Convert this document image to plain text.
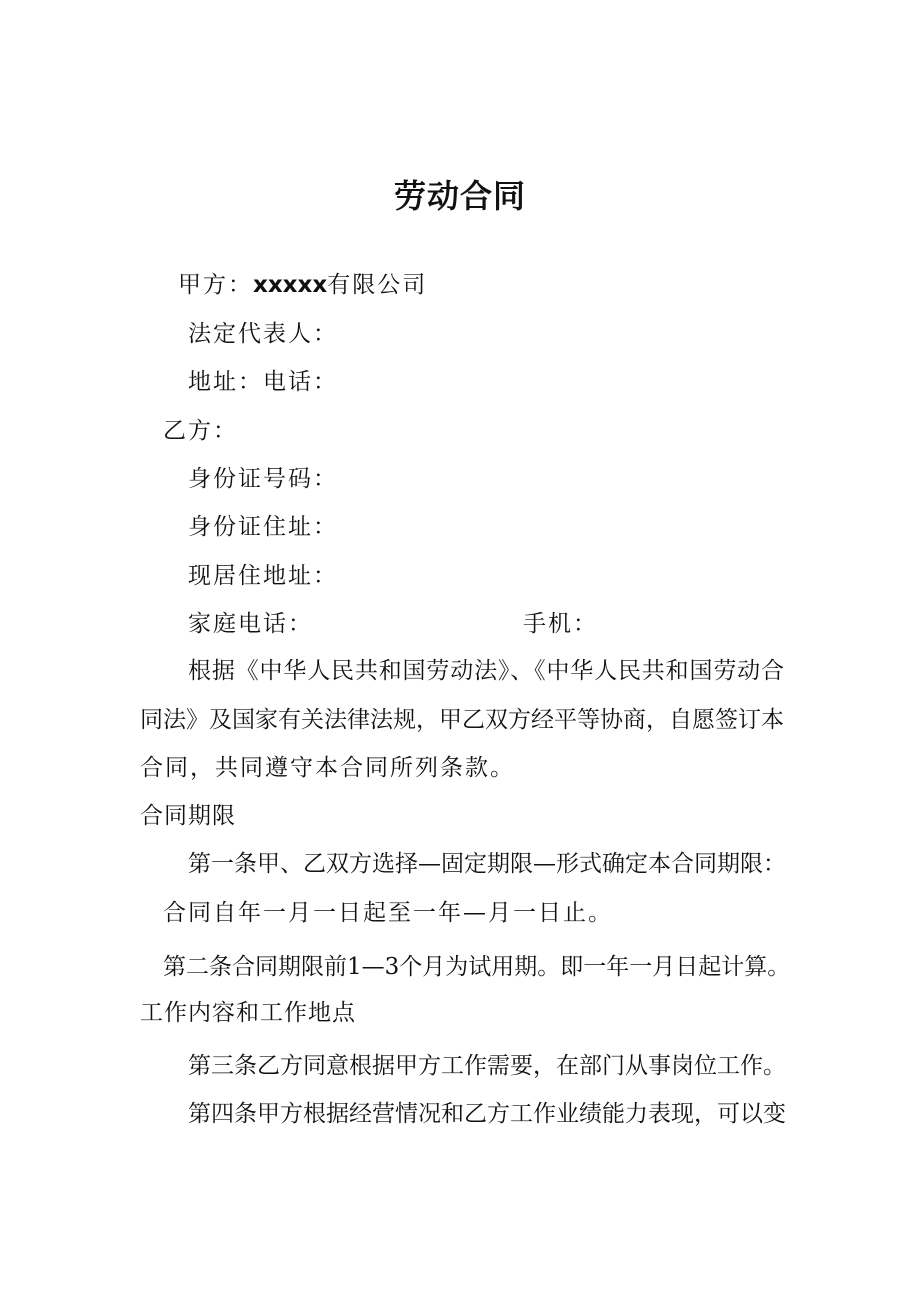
劳动合同
甲方：xxxxx有限公司
法定代表人：
地址：电话：
乙方：
身份证号码：
身份证住址：
现居住地址：
家庭电话：	手机：
根据《中华人民共和国劳动法》、《中华人民共和国劳动合
同法》及国家有关法律法规，甲乙双方经平等协商，自愿签订本
合同，共同遵守本合同所列条款。
合同期限
第一条甲、乙双方选择—固定期限—形式确定本合同期限：
合同自年一月一日起至一年—月一日止。
第二条合同期限前1—3个月为试用期。即一年一月日起计算。
工作内容和工作地点
第三条乙方同意根据甲方工作需要，在部门从事岗位工作。
第四条甲方根据经营情况和乙方工作业绩能力表现，可以变
